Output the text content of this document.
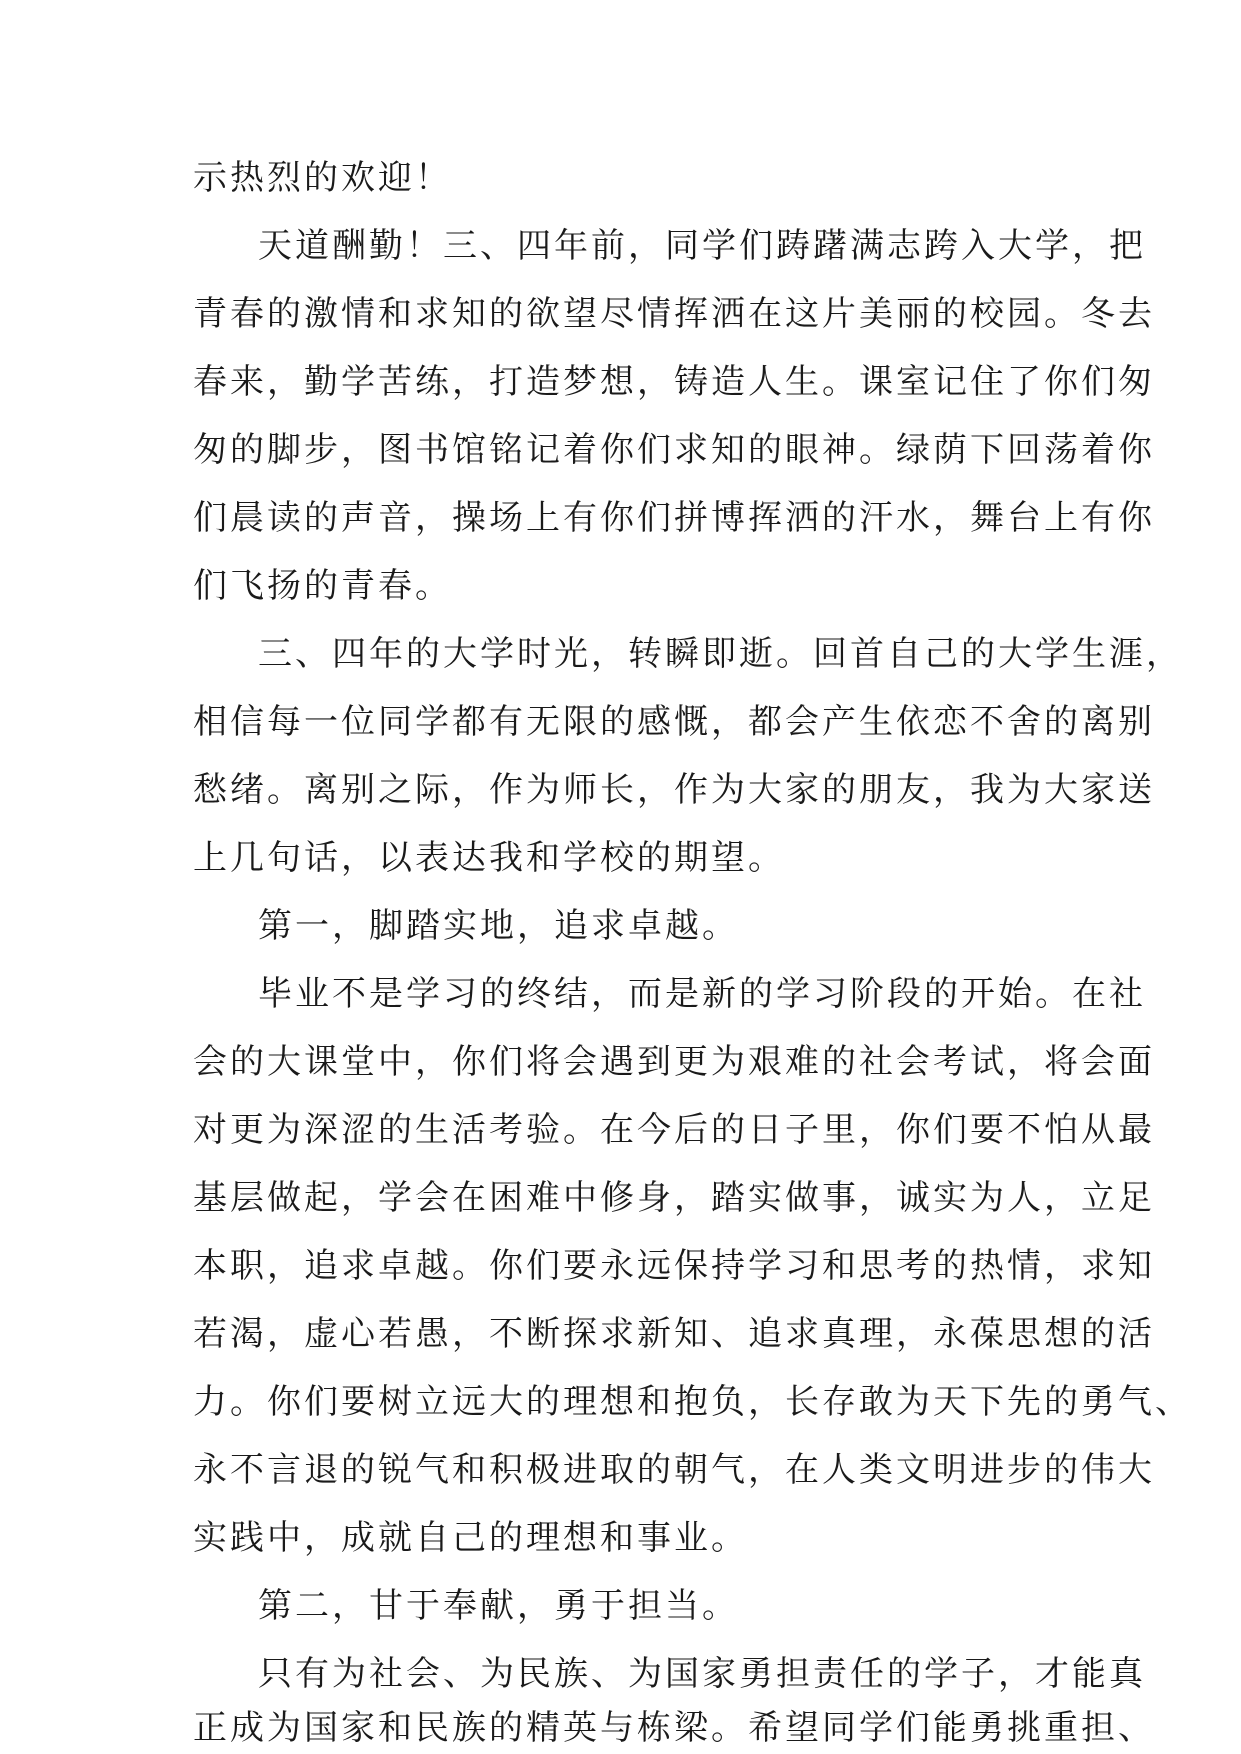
示热烈的欢迎！
天道酬勤！三、四年前，同学们踌躇满志跨入大学，把
青春的激情和求知的欲望尽情挥洒在这片美丽的校园。冬去
春来，勤学苦练，打造梦想，铸造人生。课室记住了你们匆
匆的脚步，图书馆铭记着你们求知的眼神。绿荫下回荡着你
们晨读的声音，操场上有你们拼博挥洒的汗水，舞台上有你
们飞扬的青春。
三、四年的大学时光，转瞬即逝。回首自己的大学生涯，
相信每一位同学都有无限的感慨，都会产生依恋不舍的离别
愁绪。离别之际，作为师长，作为大家的朋友，我为大家送
上几句话，以表达我和学校的期望。
第一，脚踏实地，追求卓越。
毕业不是学习的终结，而是新的学习阶段的开始。在社
会的大课堂中，你们将会遇到更为艰难的社会考试，将会面
对更为深涩的生活考验。在今后的日子里，你们要不怕从最
基层做起，学会在困难中修身，踏实做事，诚实为人，立足
本职，追求卓越。你们要永远保持学习和思考的热情，求知
若渴，虚心若愚，不断探求新知、追求真理，永葆思想的活
力。你们要树立远大的理想和抱负，长存敢为天下先的勇气、
永不言退的锐气和积极进取的朝气，在人类文明进步的伟大
实践中，成就自己的理想和事业。
第二，甘于奉献，勇于担当。
只有为社会、为民族、为国家勇担责任的学子，才能真
正成为国家和民族的精英与栋梁。希望同学们能勇挑重担、
